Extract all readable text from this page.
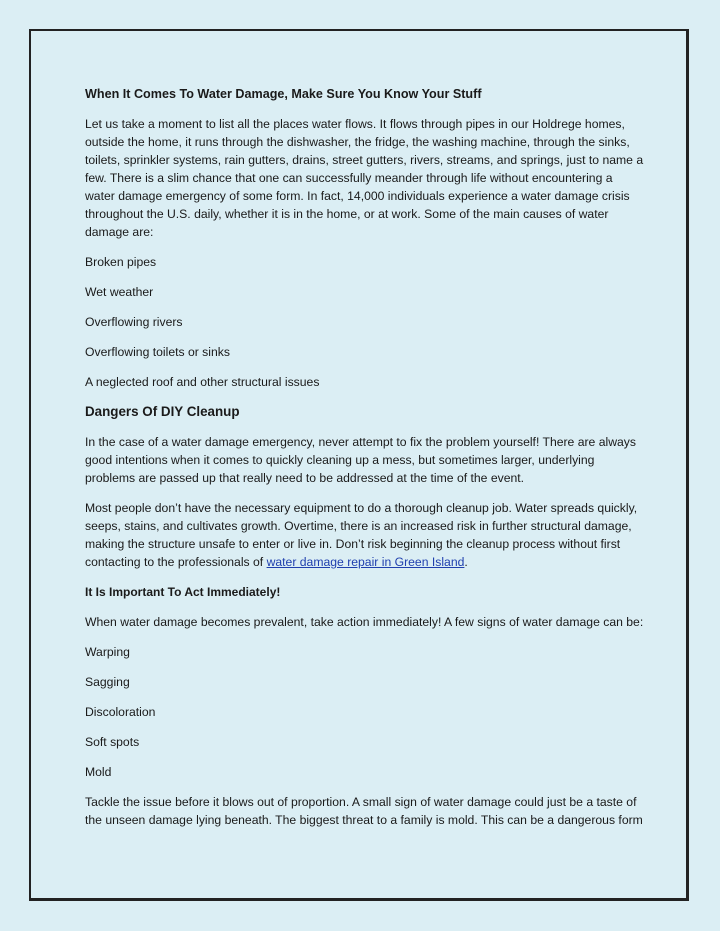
When It Comes To Water Damage, Make Sure You Know Your Stuff

Let us take a moment to list all the places water flows. It flows through pipes in our Holdrege homes, outside the home, it runs through the dishwasher, the fridge, the washing machine, through the sinks, toilets, sprinkler systems, rain gutters, drains, street gutters, rivers, streams, and springs, just to name a few. There is a slim chance that one can successfully meander through life without encountering a water damage emergency of some form. In fact, 14,000 individuals experience a water damage crisis throughout the U.S. daily, whether it is in the home, or at work. Some of the main causes of water damage are:

Broken pipes

Wet weather

Overflowing rivers

Overflowing toilets or sinks

A neglected roof and other structural issues

Dangers Of DIY Cleanup

In the case of a water damage emergency, never attempt to fix the problem yourself! There are always good intentions when it comes to quickly cleaning up a mess, but sometimes larger, underlying problems are passed up that really need to be addressed at the time of the event.

Most people don’t have the necessary equipment to do a thorough cleanup job. Water spreads quickly, seeps, stains, and cultivates growth. Overtime, there is an increased risk in further structural damage, making the structure unsafe to enter or live in. Don’t risk beginning the cleanup process without first contacting to the professionals of water damage repair in Green Island.

It Is Important To Act Immediately!

When water damage becomes prevalent, take action immediately! A few signs of water damage can be:

Warping

Sagging

Discoloration

Soft spots

Mold

Tackle the issue before it blows out of proportion. A small sign of water damage could just be a taste of the unseen damage lying beneath. The biggest threat to a family is mold. This can be a dangerous form
